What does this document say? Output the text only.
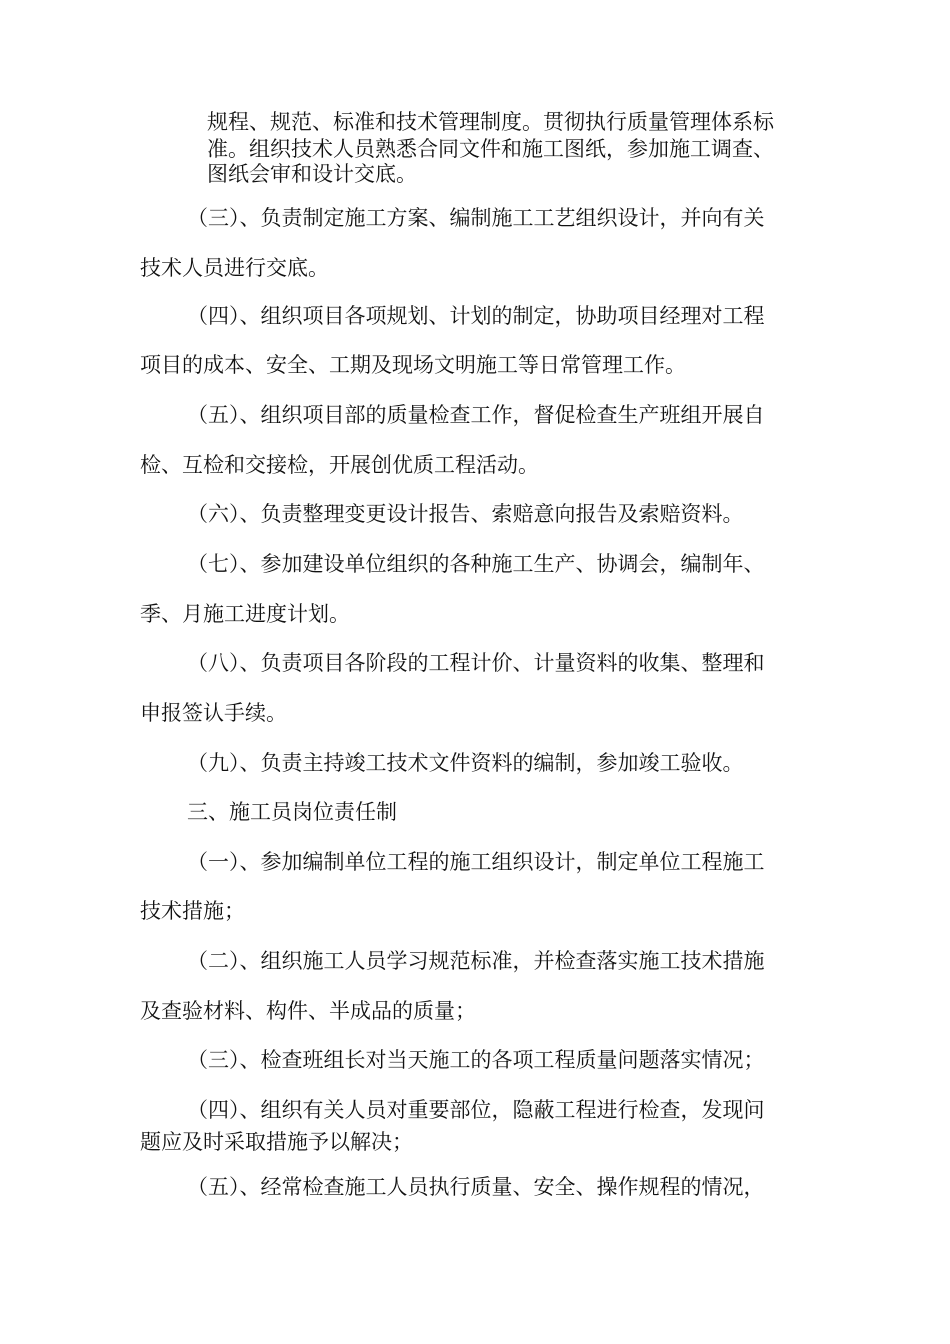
规程、规范、标准和技术管理制度。贯彻执行质量管理体系标
准。组织技术人员熟悉合同文件和施工图纸，参加施工调查、
图纸会审和设计交底。
（三）、负责制定施工方案、编制施工工艺组织设计，并向有关
技术人员进行交底。
（四）、组织项目各项规划、计划的制定，协助项目经理对工程
项目的成本、安全、工期及现场文明施工等日常管理工作。
（五）、组织项目部的质量检查工作，督促检查生产班组开展自
检、互检和交接检，开展创优质工程活动。
（六）、负责整理变更设计报告、索赔意向报告及索赔资料。
（七）、参加建设单位组织的各种施工生产、协调会，编制年、
季、月施工进度计划。
（八）、负责项目各阶段的工程计价、计量资料的收集、整理和
申报签认手续。
（九）、负责主持竣工技术文件资料的编制，参加竣工验收。
三、施工员岗位责任制
（一）、参加编制单位工程的施工组织设计，制定单位工程施工
技术措施；
（二）、组织施工人员学习规范标准，并检查落实施工技术措施
及查验材料、构件、半成品的质量；
（三）、检查班组长对当天施工的各项工程质量问题落实情况；
（四）、组织有关人员对重要部位，隐蔽工程进行检查，发现问
题应及时采取措施予以解决；
（五）、经常检查施工人员执行质量、安全、操作规程的情况，
